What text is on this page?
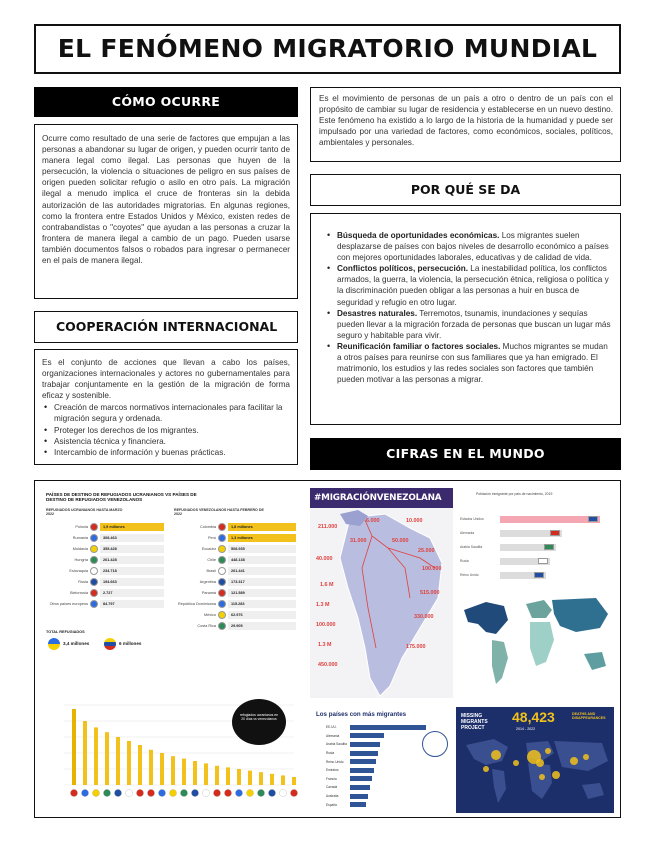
EL FENÓMENO MIGRATORIO MUNDIAL
CÓMO OCURRE

Ocurre como resultado de una serie de factores que empujan a las personas a abandonar su lugar de origen, y pueden ocurrir tanto de manera legal como ilegal. Las personas que huyen de la persecución, la violencia o situaciones de peligro en sus países de origen pueden solicitar refugio o asilo en otro país. La migración ilegal a menudo implica el cruce de fronteras sin la debida autorización de las autoridades migratorias. En algunas regiones, como la frontera entre Estados Unidos y México, existen redes de contrabandistas o "coyotes" que ayudan a las personas a cruzar la frontera de manera ilegal a cambio de un pago. Pueden usarse también documentos falsos o robados para ingresar o permanecer en el país de manera ilegal.

COOPERACIÓN INTERNACIONAL

Es el conjunto de acciones que llevan a cabo los países, organizaciones internacionales y actores no gubernamentales para trabajar conjuntamente en la gestión de la migración de forma eficaz y sostenible.

• Creación de marcos normativos internacionales para facilitar la migración segura y ordenada.
• Proteger los derechos de los migrantes.
• Asistencia técnica y financiera.
• Intercambio de información y buenas prácticas.

Es el movimiento de personas de un país a otro o dentro de un país con el propósito de cambiar su lugar de residencia y establecerse en un nuevo destino. Este fenómeno ha existido a lo largo de la historia de la humanidad y puede ser impulsado por una variedad de factores, como económicos, sociales, políticos, ambientales y personales.

POR QUÉ SE DA
• Búsqueda de oportunidades económicas. Los migrantes suelen desplazarse de países con bajos niveles de desarrollo económico a países con mejores oportunidades laborales, educativas y de calidad de vida.
• Conflictos políticos, persecución. La inestabilidad política, los conflictos armados, la guerra, la violencia, la persecución étnica, religiosa o política y la discriminación pueden obligar a las personas a huir en busca de seguridad y refugio en otro lugar.
• Desastres naturales. Terremotos, tsunamis, inundaciones y sequías pueden llevar a la migración forzada de personas que buscan un lugar más seguro y habitable para vivir.
• Reunificación familiar o factores sociales. Muchos migrantes se mudan a otros países para reunirse con sus familiares que ya han emigrado. El matrimonio, los estudios y las redes sociales son factores que también pueden motivar a las personas a migrar.
CIFRAS EN EL MUNDO
PAÍSES DE DESTINO DE REFUGIADOS UCRANIANOS VS PAÍSES DE DESTINO DE REFUGIADOS VENEZOLANOS
REFUGIADOS UCRANIANOS HASTA MARZO 2022
REFUGIADOS VENEZOLANOS HASTA FEBRERO DE 2022
Polonia	1,9 millones
Rumania	308.463
Moldavia	355.428
Hungría	261.428
Eslovaquia	234.718
Rusia	194.663
Bielorrusia	2.727
Otros países europeos	84.797
Colombia	1,8 millones
Perú	1,3 millones
Ecuador	508.935
Chile	448.138
Brasil	261.441
Argentina	173.317
Panamá	121.589
República Dominicana	115.283
México	62.976
Costa Rica	29.905
TOTAL REFUGIADOS
3,4 millones	6 millones
refugiados ucranianos en 20 días vs venezolanos
#MIGRACIÓNVENEZOLANA
211.000
6.000	10.000
31.000	50.000
25.000
40.000
100.000
1.6 M
1.3 M
515.000
100.000
1.3 M
330.000
450.000
175.000
Población inmigrante por país de nacimiento, 2019
Estados Unidos
Alemania
Arabia Saudita
Rusia
Reino Unido
Los países con más migrantes
EE.UU.
Alemania
Arabia Saudita
Rusia
Reino Unido
Emiratos
Francia
Canadá
Australia
España
MISSING MIGRANTS PROJECT
48,423	DEATHS AND DISAPPEARANCES
2014 - 2022
